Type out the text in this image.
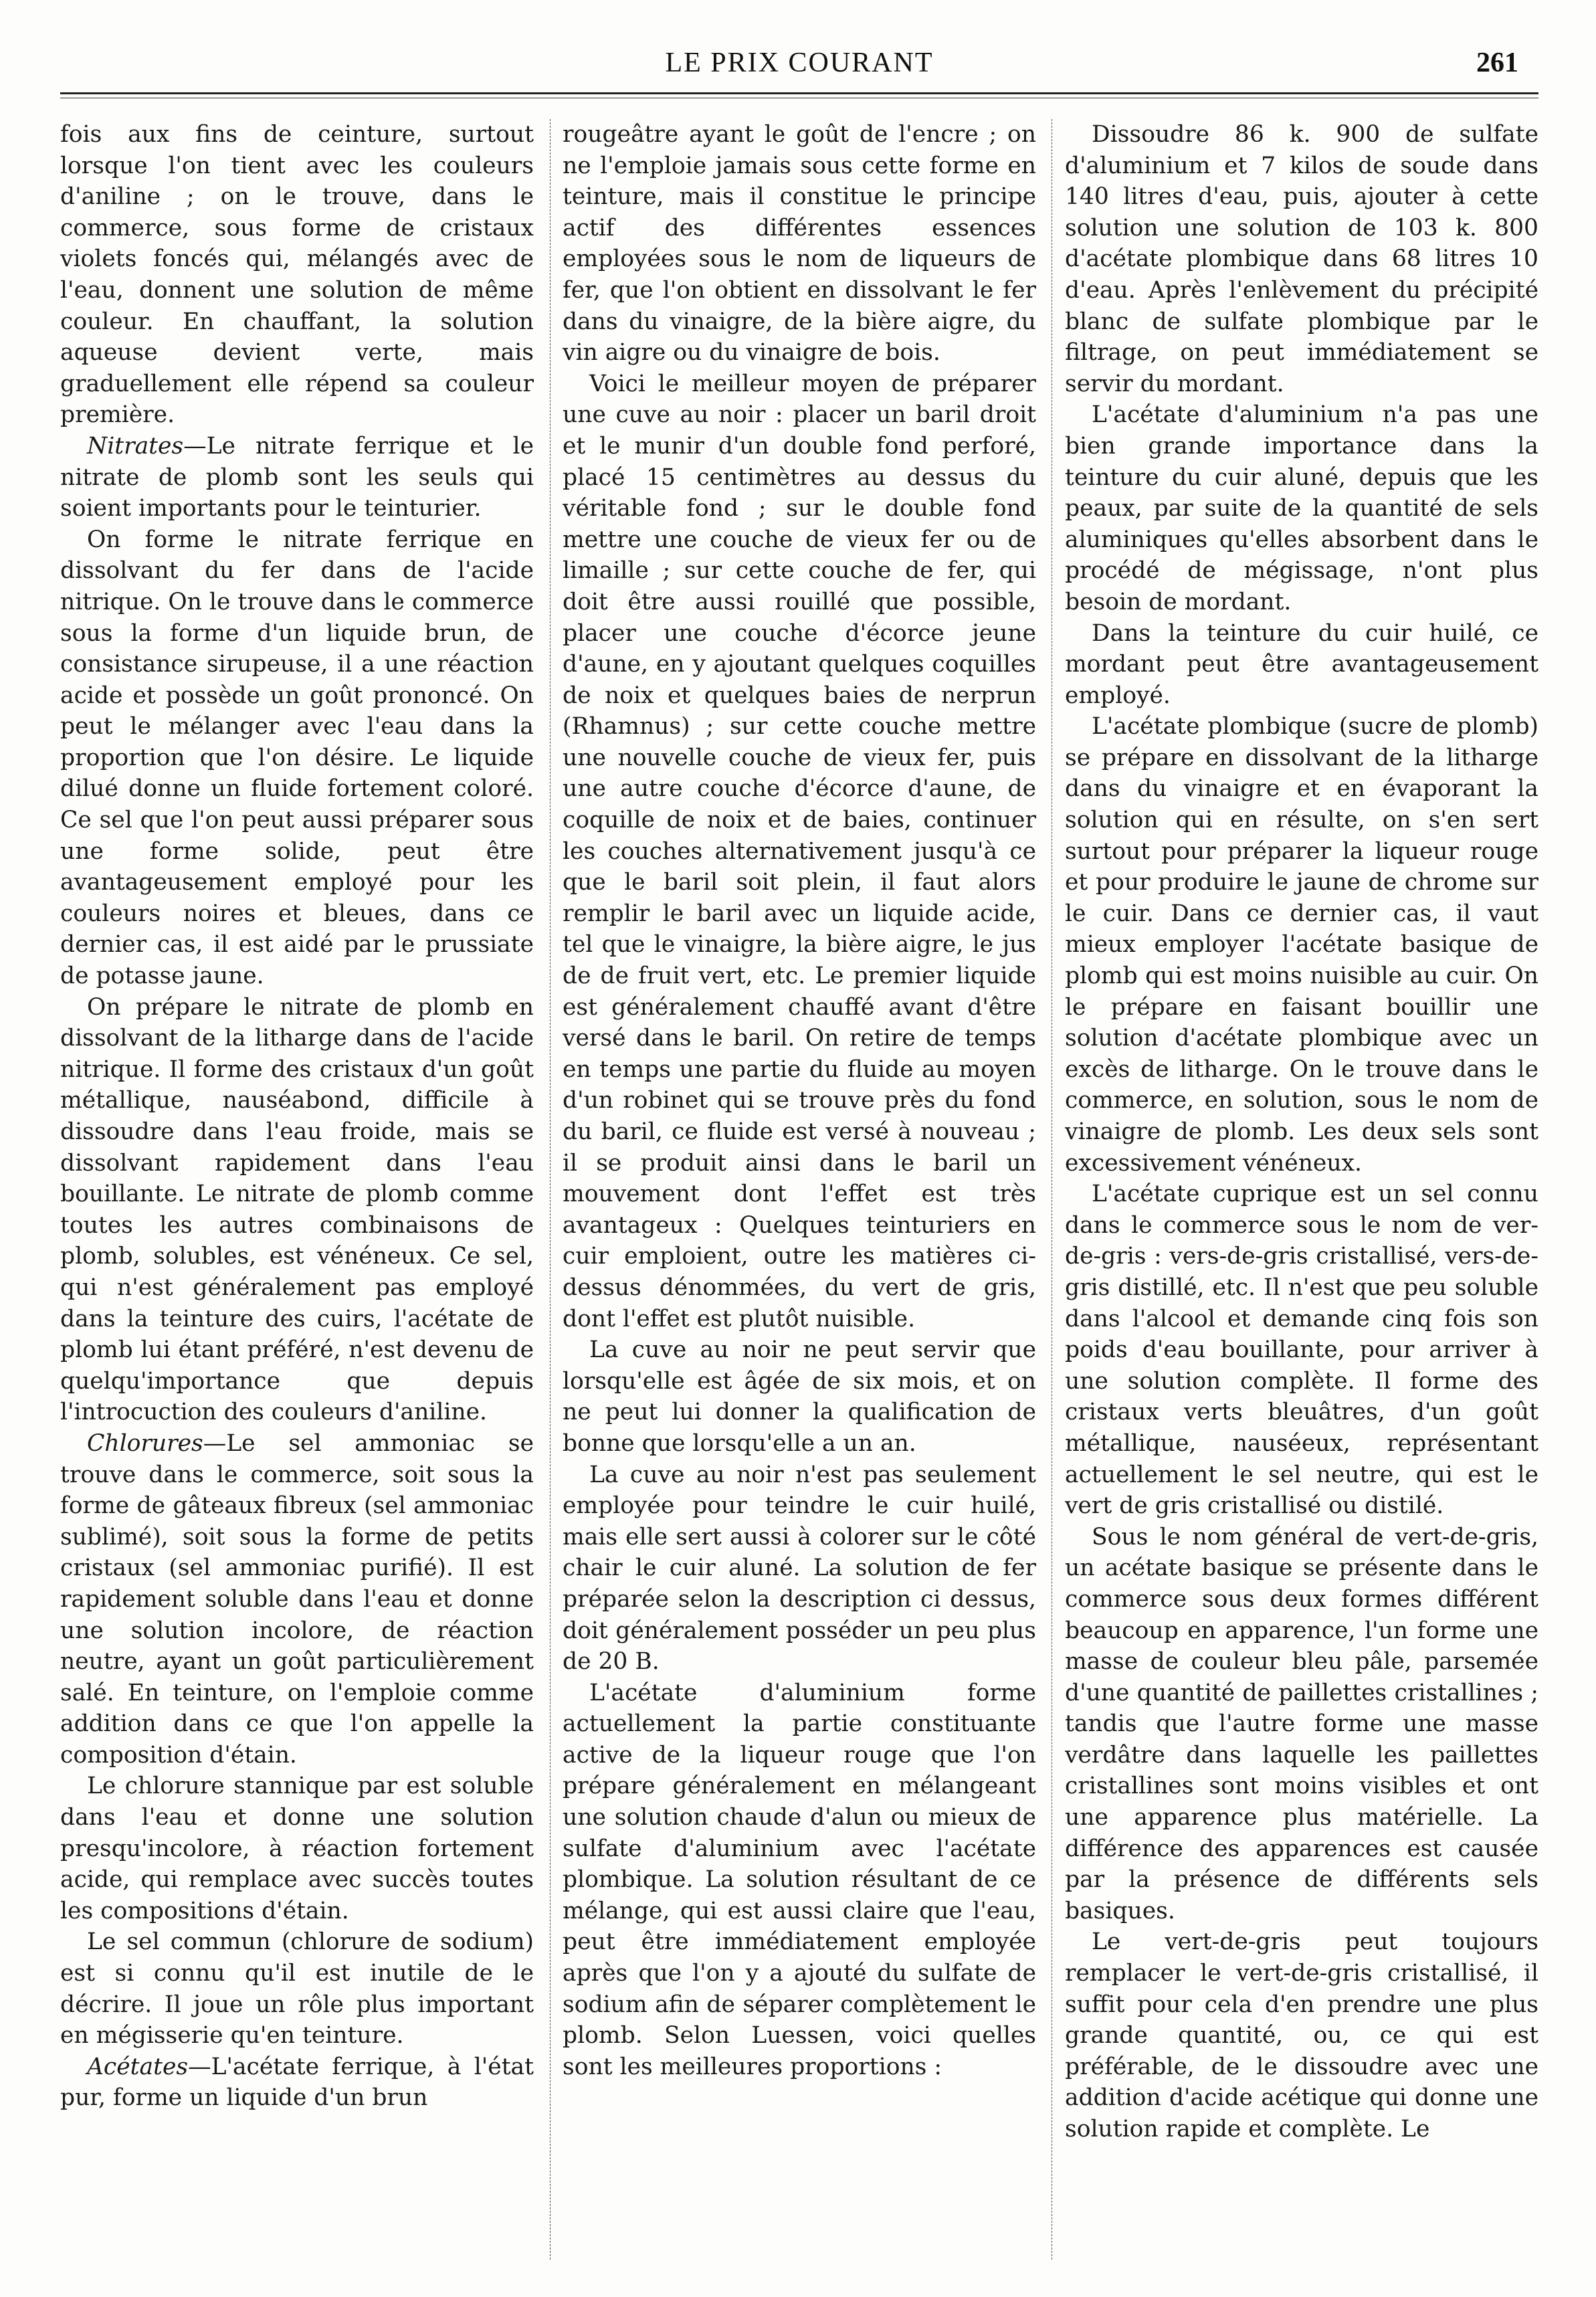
LE PRIX COURANT	261

fois aux fins de ceinture, surtout lorsque l'on tient avec les couleurs d'aniline ; on le trouve, dans le commerce, sous forme de cristaux violets foncés qui, mélangés avec de l'eau, donnent une solution de même couleur. En chauffant, la solution aqueuse devient verte, mais graduellement elle répend sa couleur première.

Nitrates—Le nitrate ferrique et le nitrate de plomb sont les seuls qui soient importants pour le teinturier.

On forme le nitrate ferrique en dissolvant du fer dans de l'acide nitrique. On le trouve dans le commerce sous la forme d'un liquide brun, de consistance sirupeuse, il a une réaction acide et possède un goût prononcé. On peut le mélanger avec l'eau dans la proportion que l'on désire. Le liquide dilué donne un fluide fortement coloré. Ce sel que l'on peut aussi préparer sous une forme solide, peut être avantageusement employé pour les couleurs noires et bleues, dans ce dernier cas, il est aidé par le prussiate de potasse jaune.

On prépare le nitrate de plomb en dissolvant de la litharge dans de l'acide nitrique. Il forme des cristaux d'un goût métallique, nauséabond, difficile à dissoudre dans l'eau froide, mais se dissolvant rapidement dans l'eau bouillante. Le nitrate de plomb comme toutes les autres combinaisons de plomb, solubles, est vénéneux. Ce sel, qui n'est généralement pas employé dans la teinture des cuirs, l'acétate de plomb lui étant préféré, n'est devenu de quelqu'importance que depuis l'introcuction des couleurs d'aniline.

Chlorures—Le sel ammoniac se trouve dans le commerce, soit sous la forme de gâteaux fibreux (sel ammoniac sublimé), soit sous la forme de petits cristaux (sel ammoniac purifié). Il est rapidement soluble dans l'eau et donne une solution incolore, de réaction neutre, ayant un goût particulièrement salé. En teinture, on l'emploie comme addition dans ce que l'on appelle la composition d'étain.

Le chlorure stannique par est soluble dans l'eau et donne une solution presqu'incolore, à réaction fortement acide, qui remplace avec succès toutes les compositions d'étain.

Le sel commun (chlorure de sodium) est si connu qu'il est inutile de le décrire. Il joue un rôle plus important en mégisserie qu'en teinture.

Acétates—L'acétate ferrique, à l'état pur, forme un liquide d'un brun

rougeâtre ayant le goût de l'encre ; on ne l'emploie jamais sous cette forme en teinture, mais il constitue le principe actif des différentes essences employées sous le nom de liqueurs de fer, que l'on obtient en dissolvant le fer dans du vinaigre, de la bière aigre, du vin aigre ou du vinaigre de bois.

Voici le meilleur moyen de préparer une cuve au noir : placer un baril droit et le munir d'un double fond perforé, placé 15 centimètres au dessus du véritable fond ; sur le double fond mettre une couche de vieux fer ou de limaille ; sur cette couche de fer, qui doit être aussi rouillé que possible, placer une couche d'écorce jeune d'aune, en y ajoutant quelques coquilles de noix et quelques baies de nerprun (Rhamnus) ; sur cette couche mettre une nouvelle couche de vieux fer, puis une autre couche d'écorce d'aune, de coquille de noix et de baies, continuer les couches alternativement jusqu'à ce que le baril soit plein, il faut alors remplir le baril avec un liquide acide, tel que le vinaigre, la bière aigre, le jus de de fruit vert, etc. Le premier liquide est généralement chauffé avant d'être versé dans le baril. On retire de temps en temps une partie du fluide au moyen d'un robinet qui se trouve près du fond du baril, ce fluide est versé à nouveau ; il se produit ainsi dans le baril un mouvement dont l'effet est très avantageux : Quelques teinturiers en cuir emploient, outre les matières ci-dessus dénommées, du vert de gris, dont l'effet est plutôt nuisible.

La cuve au noir ne peut servir que lorsqu'elle est âgée de six mois, et on ne peut lui donner la qualification de bonne que lorsqu'elle a un an.

La cuve au noir n'est pas seulement employée pour teindre le cuir huilé, mais elle sert aussi à colorer sur le côté chair le cuir aluné. La solution de fer préparée selon la description ci dessus, doit généralement posséder un peu plus de 20 B.

L'acétate d'aluminium forme actuellement la partie constituante active de la liqueur rouge que l'on prépare généralement en mélangeant une solution chaude d'alun ou mieux de sulfate d'aluminium avec l'acétate plombique. La solution résultant de ce mélange, qui est aussi claire que l'eau, peut être immédiatement employée après que l'on y a ajouté du sulfate de sodium afin de séparer complètement le plomb. Selon Luessen, voici quelles sont les meilleures proportions :

Dissoudre 86 k. 900 de sulfate d'aluminium et 7 kilos de soude dans 140 litres d'eau, puis, ajouter à cette solution une solution de 103 k. 800 d'acétate plombique dans 68 litres 10 d'eau. Après l'enlèvement du précipité blanc de sulfate plombique par le filtrage, on peut immédiatement se servir du mordant.

L'acétate d'aluminium n'a pas une bien grande importance dans la teinture du cuir aluné, depuis que les peaux, par suite de la quantité de sels aluminiques qu'elles absorbent dans le procédé de mégissage, n'ont plus besoin de mordant.

Dans la teinture du cuir huilé, ce mordant peut être avantageusement employé.

L'acétate plombique (sucre de plomb) se prépare en dissolvant de la litharge dans du vinaigre et en évaporant la solution qui en résulte, on s'en sert surtout pour préparer la liqueur rouge et pour produire le jaune de chrome sur le cuir. Dans ce dernier cas, il vaut mieux employer l'acétate basique de plomb qui est moins nuisible au cuir. On le prépare en faisant bouillir une solution d'acétate plombique avec un excès de litharge. On le trouve dans le commerce, en solution, sous le nom de vinaigre de plomb. Les deux sels sont excessivement vénéneux.

L'acétate cuprique est un sel connu dans le commerce sous le nom de ver-de-gris : vers-de-gris cristallisé, vers-de-gris distillé, etc. Il n'est que peu soluble dans l'alcool et demande cinq fois son poids d'eau bouillante, pour arriver à une solution complète. Il forme des cristaux verts bleuâtres, d'un goût métallique, nauséeux, représentant actuellement le sel neutre, qui est le vert de gris cristallisé ou distilé.

Sous le nom général de vert-de-gris, un acétate basique se présente dans le commerce sous deux formes différent beaucoup en apparence, l'un forme une masse de couleur bleu pâle, parsemée d'une quantité de paillettes cristallines ; tandis que l'autre forme une masse verdâtre dans laquelle les paillettes cristallines sont moins visibles et ont une apparence plus matérielle. La différence des apparences est causée par la présence de différents sels basiques.

Le vert-de-gris peut toujours remplacer le vert-de-gris cristallisé, il suffit pour cela d'en prendre une plus grande quantité, ou, ce qui est préférable, de le dissoudre avec une addition d'acide acétique qui donne une solution rapide et complète. Le
